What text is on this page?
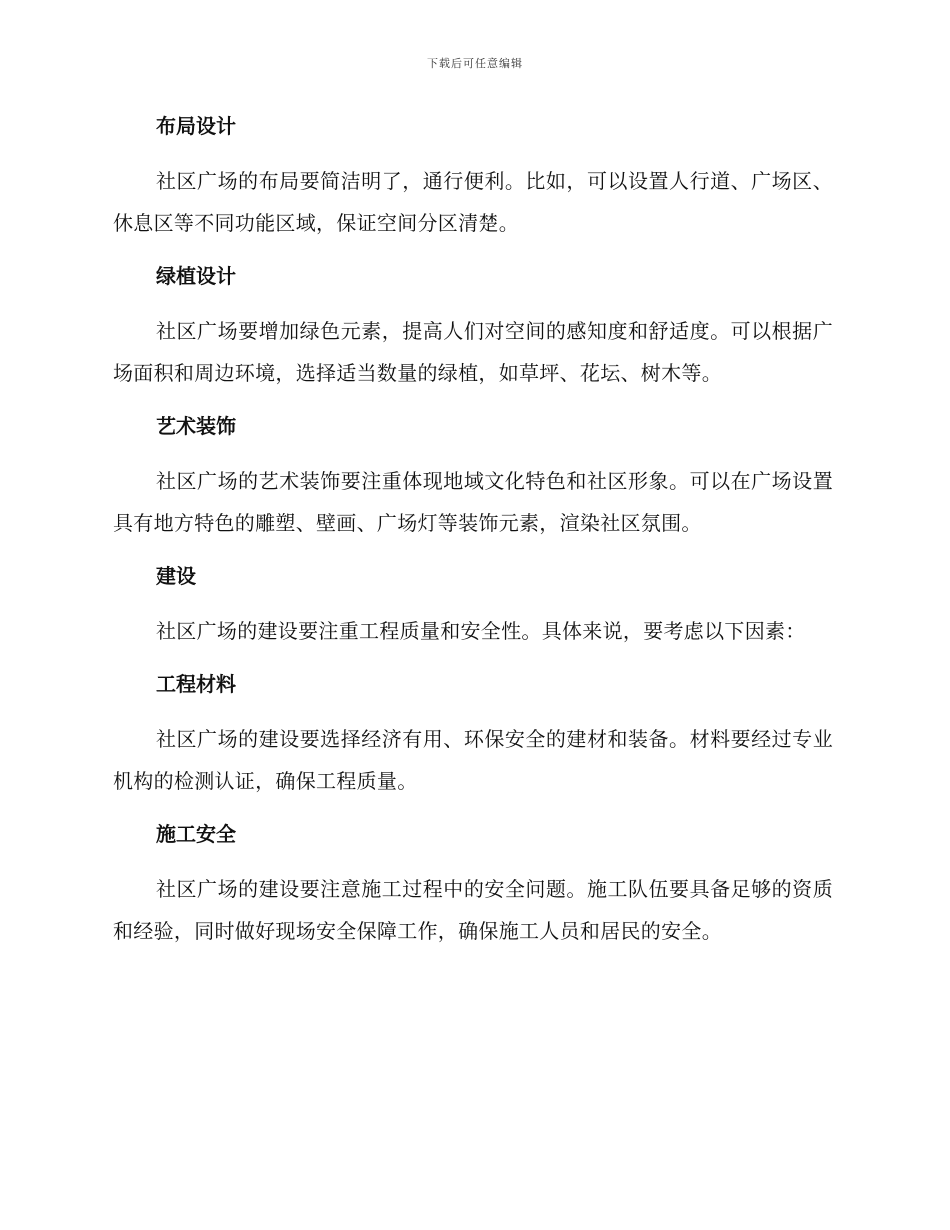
下载后可任意编辑
布局设计

社区广场的布局要简洁明了，通行便利。比如，可以设置人行道、广场区、休息区等不同功能区域，保证空间分区清楚。

绿植设计

社区广场要增加绿色元素，提高人们对空间的感知度和舒适度。可以根据广场面积和周边环境，选择适当数量的绿植，如草坪、花坛、树木等。

艺术装饰

社区广场的艺术装饰要注重体现地域文化特色和社区形象。可以在广场设置具有地方特色的雕塑、壁画、广场灯等装饰元素，渲染社区氛围。

建设

社区广场的建设要注重工程质量和安全性。具体来说，要考虑以下因素：

工程材料

社区广场的建设要选择经济有用、环保安全的建材和装备。材料要经过专业机构的检测认证，确保工程质量。

施工安全

社区广场的建设要注意施工过程中的安全问题。施工队伍要具备足够的资质和经验，同时做好现场安全保障工作，确保施工人员和居民的安全。
